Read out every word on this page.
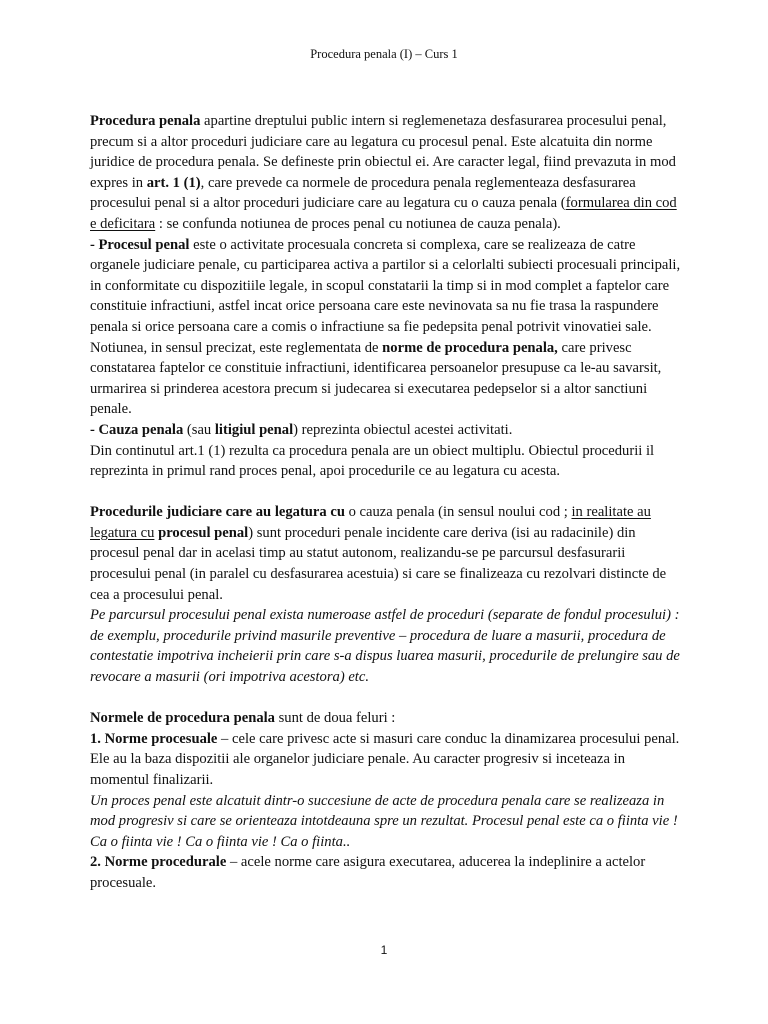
Procedura penala (I) – Curs 1

Procedura penala apartine dreptului public intern si reglemenetaza desfasurarea procesului penal, precum si a altor proceduri judiciare care au legatura cu procesul penal. Este alcatuita din norme juridice de procedura penala. Se defineste prin obiectul ei. Are caracter legal, fiind prevazuta in mod expres in art. 1 (1), care prevede ca normele de procedura penala reglementeaza desfasurarea procesului penal si a altor proceduri judiciare care au legatura cu o cauza penala (formularea din cod e deficitara : se confunda notiunea de proces penal cu notiunea de cauza penala).

- Procesul penal este o activitate procesuala concreta si complexa, care se realizeaza de catre organele judiciare penale, cu participarea activa a partilor si a celorlalti subiecti procesuali principali, in conformitate cu dispozitiile legale, in scopul constatarii la timp si in mod complet a faptelor care constituie infractiuni, astfel incat orice persoana care este nevinovata sa nu fie trasa la raspundere penala si orice persoana care a comis o infractiune sa fie pedepsita penal potrivit vinovatiei sale.

Notiunea, in sensul precizat, este reglementata de norme de procedura penala, care privesc constatarea faptelor ce constituie infractiuni, identificarea persoanelor presupuse ca le-au savarsit, urmarirea si prinderea acestora precum si judecarea si executarea pedepselor si a altor sanctiuni penale.

- Cauza penala (sau litigiul penal) reprezinta obiectul acestei activitati.

Din continutul art.1 (1) rezulta ca procedura penala are un obiect multiplu. Obiectul procedurii il reprezinta in primul rand proces penal, apoi procedurile ce au legatura cu acesta.

Procedurile judiciare care au legatura cu o cauza penala (in sensul noului cod ; in realitate au legatura cu procesul penal) sunt proceduri penale incidente care deriva (isi au radacinile) din procesul penal dar in acelasi timp au statut autonom, realizandu-se pe parcursul desfasurarii procesului penal (in paralel cu desfasurarea acestuia) si care se finalizeaza cu rezolvari distincte de cea a procesului penal.

Pe parcursul procesului penal exista numeroase astfel de proceduri (separate de fondul procesului) : de exemplu, procedurile privind masurile preventive – procedura de luare a masurii, procedura de contestatie impotriva incheierii prin care s-a dispus luarea masurii, procedurile de prelungire sau de revocare a masurii (ori impotriva acestora) etc.

Normele de procedura penala sunt de doua feluri :

1. Norme procesuale – cele care privesc acte si masuri care conduc la dinamizarea procesului penal. Ele au la baza dispozitii ale organelor judiciare penale. Au caracter progresiv si inceteaza in momentul finalizarii.

Un proces penal este alcatuit dintr-o succesiune de acte de procedura penala care se realizeaza in mod progresiv si care se orienteaza intotdeauna spre un rezultat. Procesul penal este ca o fiinta vie ! Ca o fiinta vie ! Ca o fiinta vie ! Ca o fiinta..

2. Norme procedurale – acele norme care asigura executarea, aducerea la indeplinire a actelor procesuale.

1
